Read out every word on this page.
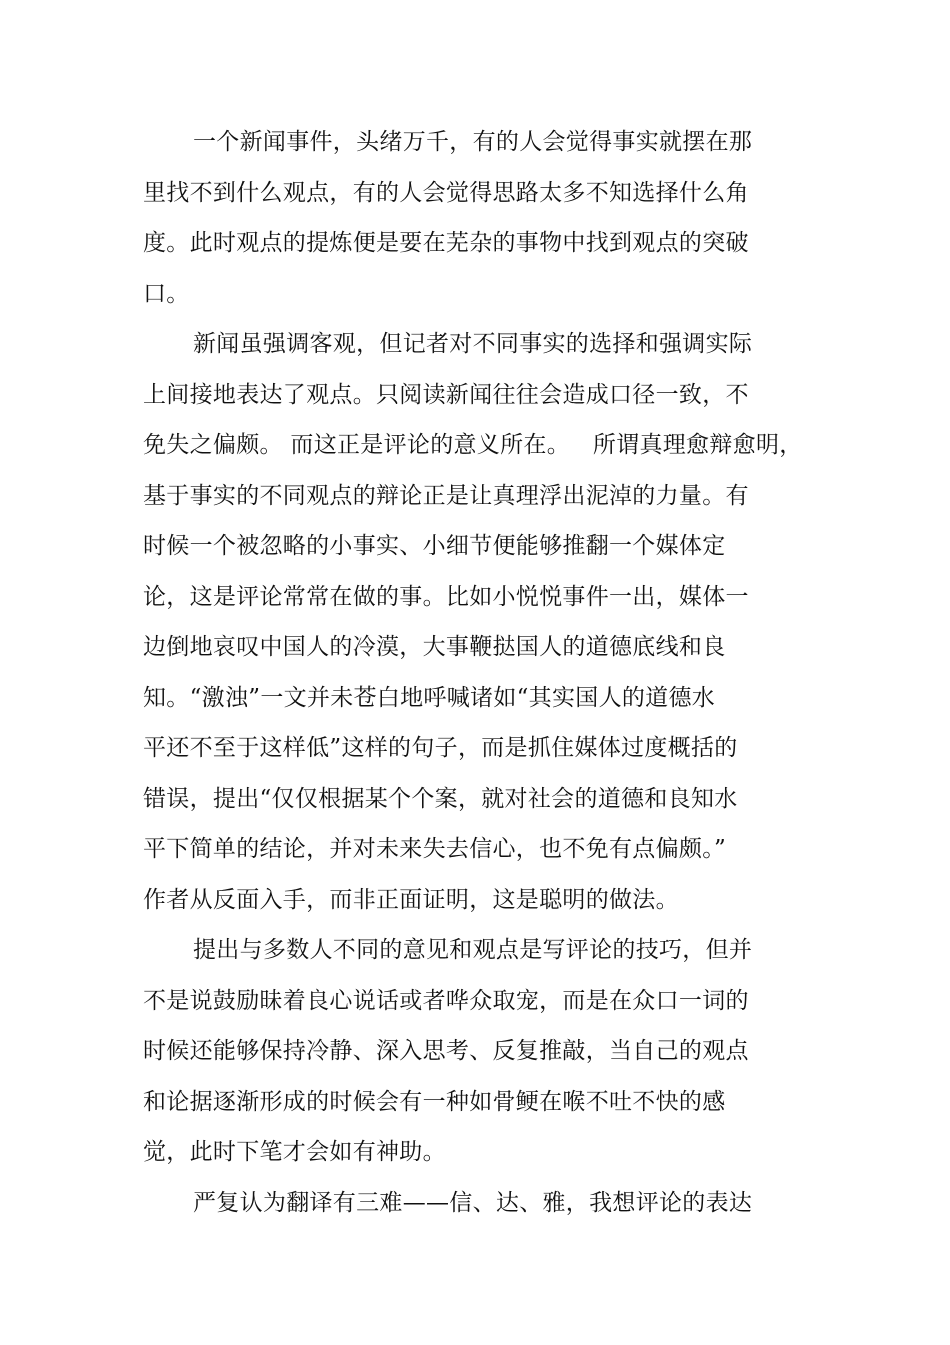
一个新闻事件，头绪万千，有的人会觉得事实就摆在那
里找不到什么观点，有的人会觉得思路太多不知选择什么角
度。此时观点的提炼便是要在芜杂的事物中找到观点的突破
口。
新闻虽强调客观，但记者对不同事实的选择和强调实际
上间接地表达了观点。只阅读新闻往往会造成口径一致，不
免失之偏颇。 而这正是评论的意义所在。   所谓真理愈辩愈明，
基于事实的不同观点的辩论正是让真理浮出泥淖的力量。有
时候一个被忽略的小事实、小细节便能够推翻一个媒体定
论，这是评论常常在做的事。比如小悦悦事件一出，媒体一
边倒地哀叹中国人的冷漠，大事鞭挞国人的道德底线和良
知。“激浊”一文并未苍白地呼喊诸如“其实国人的道德水
平还不至于这样低”这样的句子，而是抓住媒体过度概括的
错误，提出“仅仅根据某个个案，就对社会的道德和良知水
平下简单的结论，并对未来失去信心，也不免有点偏颇。”
作者从反面入手，而非正面证明，这是聪明的做法。
提出与多数人不同的意见和观点是写评论的技巧，但并
不是说鼓励昧着良心说话或者哗众取宠，而是在众口一词的
时候还能够保持冷静、深入思考、反复推敲，当自己的观点
和论据逐渐形成的时候会有一种如骨鲠在喉不吐不快的感
觉，此时下笔才会如有神助。
严复认为翻译有三难——信、达、雅，我想评论的表达
